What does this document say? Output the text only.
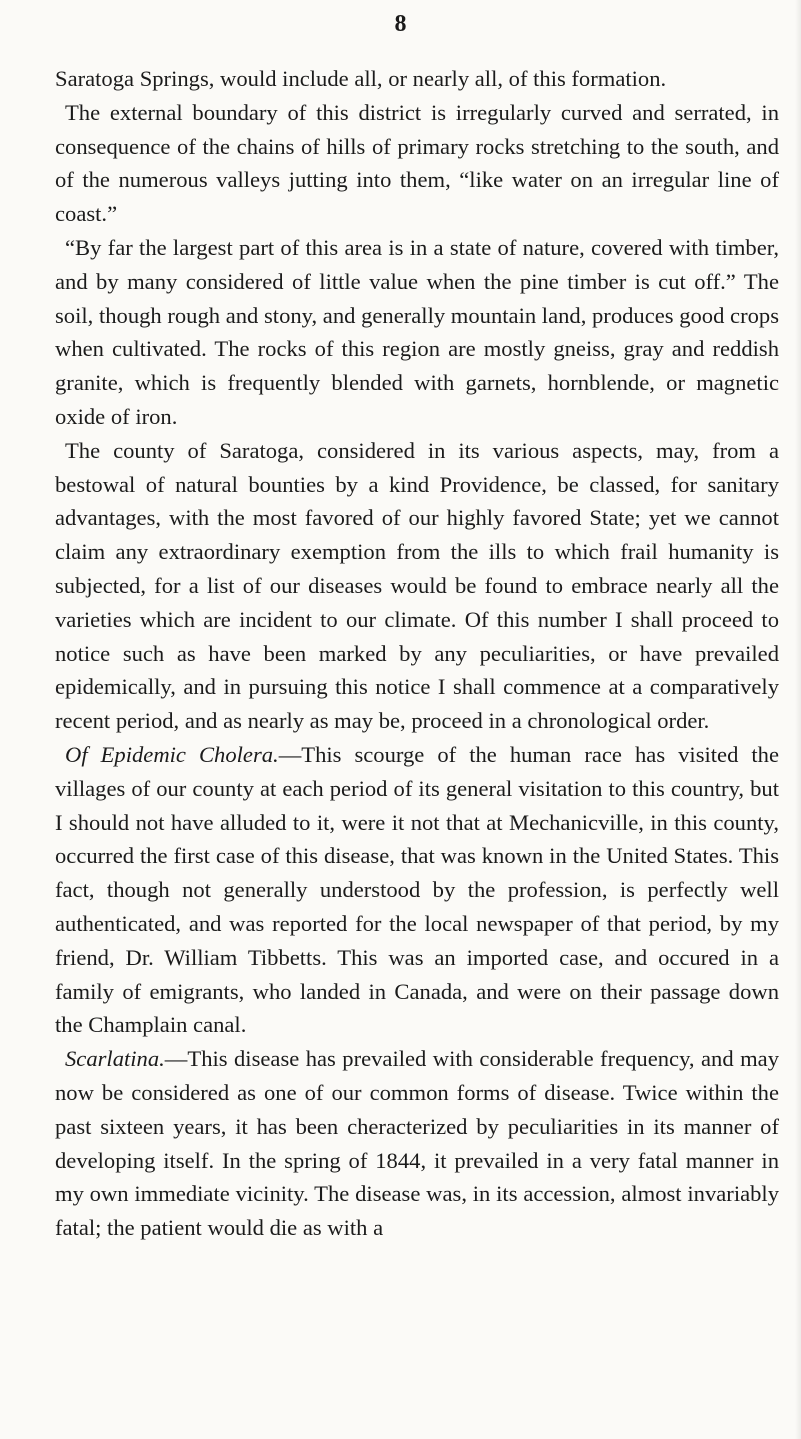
8

Saratoga Springs, would include all, or nearly all, of this formation.

The external boundary of this district is irregularly curved and serrated, in consequence of the chains of hills of primary rocks stretching to the south, and of the numerous valleys jutting into them, “like water on an irregular line of coast.”

“By far the largest part of this area is in a state of nature, covered with timber, and by many considered of little value when the pine timber is cut off.” The soil, though rough and stony, and generally mountain land, produces good crops when cultivated. The rocks of this region are mostly gneiss, gray and reddish granite, which is frequently blended with garnets, hornblende, or magnetic oxide of iron.

The county of Saratoga, considered in its various aspects, may, from a bestowal of natural bounties by a kind Providence, be classed, for sanitary advantages, with the most favored of our highly favored State; yet we cannot claim any extraordinary exemption from the ills to which frail humanity is subjected, for a list of our diseases would be found to embrace nearly all the varieties which are incident to our climate. Of this number I shall proceed to notice such as have been marked by any peculiarities, or have prevailed epidemically, and in pursuing this notice I shall commence at a comparatively recent period, and as nearly as may be, proceed in a chronological order.

Of Epidemic Cholera.—This scourge of the human race has visited the villages of our county at each period of its general visitation to this country, but I should not have alluded to it, were it not that at Mechanicville, in this county, occurred the first case of this disease, that was known in the United States. This fact, though not generally understood by the profession, is perfectly well authenticated, and was reported for the local newspaper of that period, by my friend, Dr. William Tibbetts. This was an imported case, and occured in a family of emigrants, who landed in Canada, and were on their passage down the Champlain canal.

Scarlatina.—This disease has prevailed with considerable frequency, and may now be considered as one of our common forms of disease. Twice within the past sixteen years, it has been cheracterized by peculiarities in its manner of developing itself. In the spring of 1844, it prevailed in a very fatal manner in my own immediate vicinity. The disease was, in its accession, almost invariably fatal; the patient would die as with a
